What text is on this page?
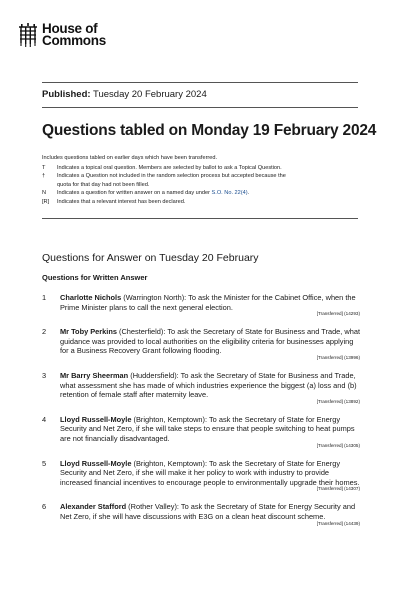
House of
Commons
Published: Tuesday 20 February 2024
Questions tabled on Monday 19 February 2024
Includes questions tabled on earlier days which have been transferred.
T	Indicates a topical oral question. Members are selected by ballot to ask a Topical Question.
†	Indicates a Question not included in the random selection process but accepted because the quota for that day had not been filled.
N	Indicates a question for written answer on a named day under S.O. No. 22(4).
[R]	Indicates that a relevant interest has been declared.
Questions for Answer on Tuesday 20 February
Questions for Written Answer
1	Charlotte Nichols (Warrington North): To ask the Minister for the Cabinet Office, when the Prime Minister plans to call the next general election.
[Transferred] (14293)
2	Mr Toby Perkins (Chesterfield): To ask the Secretary of State for Business and Trade, what guidance was provided to local authorities on the eligibility criteria for businesses applying for a Business Recovery Grant following flooding.
[Transferred] (13996)
3	Mr Barry Sheerman (Huddersfield): To ask the Secretary of State for Business and Trade, what assessment she has made of which industries experience the biggest (a) loss and (b) retention of female staff after maternity leave.
[Transferred] (13892)
4	Lloyd Russell-Moyle (Brighton, Kemptown): To ask the Secretary of State for Energy Security and Net Zero, if she will take steps to ensure that people switching to heat pumps are not financially disadvantaged.
[Transferred] (14305)
5	Lloyd Russell-Moyle (Brighton, Kemptown): To ask the Secretary of State for Energy Security and Net Zero, if she will make it her policy to work with industry to provide increased financial incentives to encourage people to environmentally upgrade their homes.
[Transferred] (14307)
6	Alexander Stafford (Rother Valley): To ask the Secretary of State for Energy Security and Net Zero, if she will have discussions with E3G on a clean heat discount scheme.
[Transferred] (14439)
